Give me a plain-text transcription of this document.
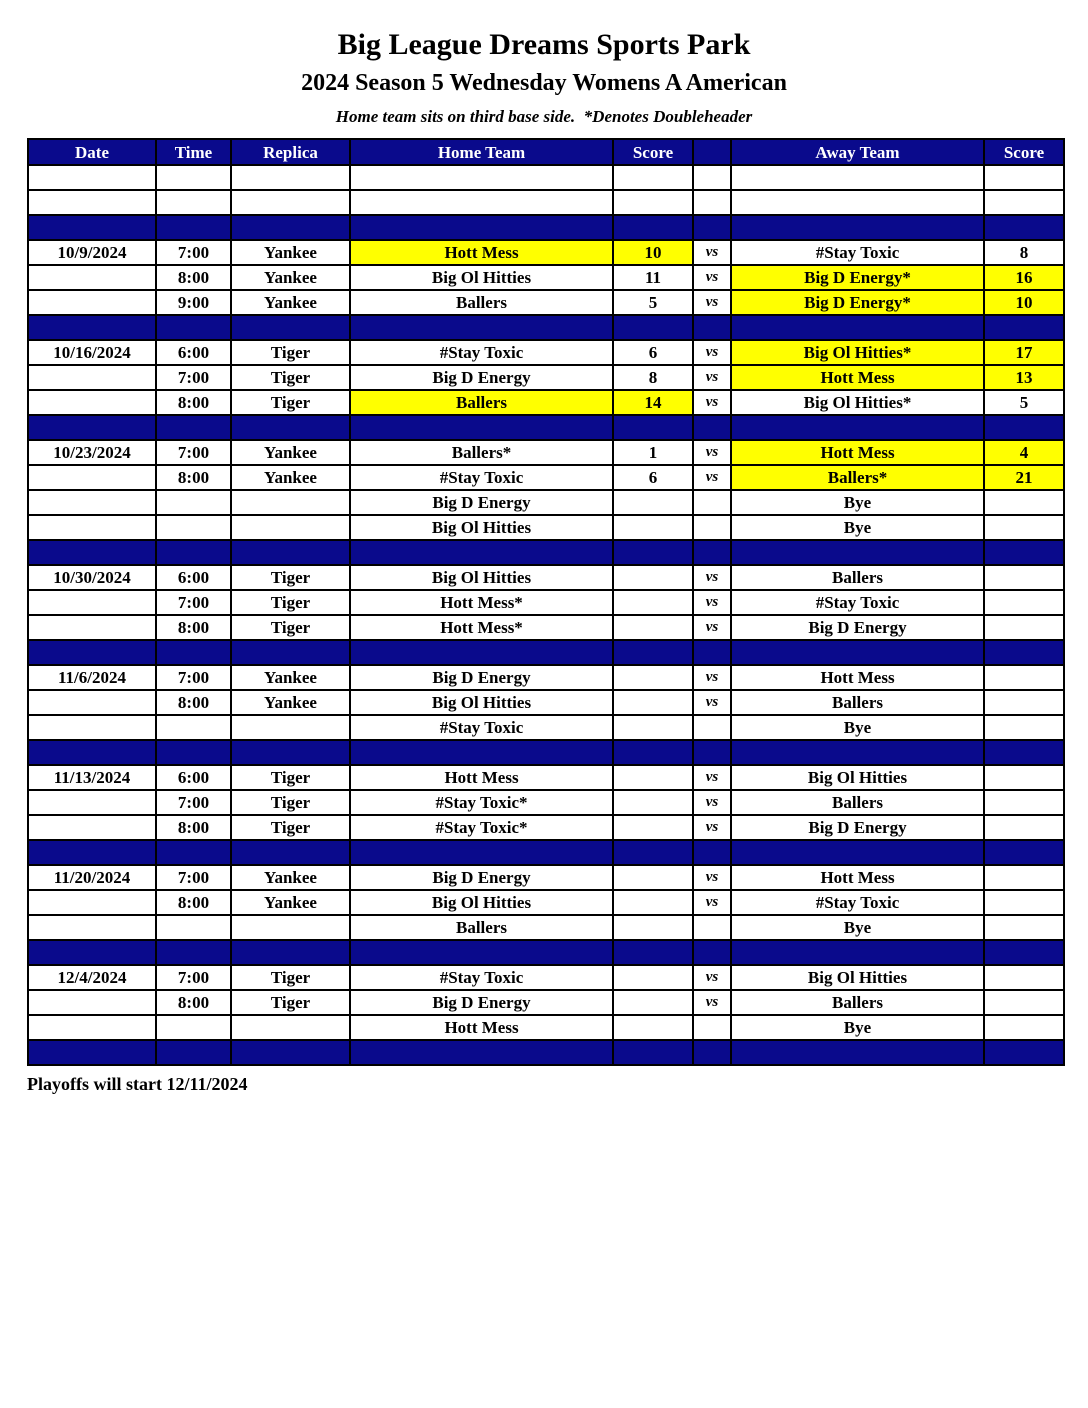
Big League Dreams Sports Park
2024 Season 5 Wednesday Womens A American

Home team sits on third base side.  *Denotes Doubleheader

Date	Time	Replica	Home Team	Score		Away Team	Score

10/9/2024	7:00	Yankee	Hott Mess	10	vs	#Stay Toxic	8
	8:00	Yankee	Big Ol Hitties	11	vs	Big D Energy*	16
	9:00	Yankee	Ballers	5	vs	Big D Energy*	10

10/16/2024	6:00	Tiger	#Stay Toxic	6	vs	Big Ol Hitties*	17
	7:00	Tiger	Big D Energy	8	vs	Hott Mess	13
	8:00	Tiger	Ballers	14	vs	Big Ol Hitties*	5

10/23/2024	7:00	Yankee	Ballers*	1	vs	Hott Mess	4
	8:00	Yankee	#Stay Toxic	6	vs	Ballers*	21
			Big D Energy			Bye	
			Big Ol Hitties			Bye	

10/30/2024	6:00	Tiger	Big Ol Hitties		vs	Ballers	
	7:00	Tiger	Hott Mess*		vs	#Stay Toxic	
	8:00	Tiger	Hott Mess*		vs	Big D Energy	

11/6/2024	7:00	Yankee	Big D Energy		vs	Hott Mess	
	8:00	Yankee	Big Ol Hitties		vs	Ballers	
			#Stay Toxic			Bye	

11/13/2024	6:00	Tiger	Hott Mess		vs	Big Ol Hitties	
	7:00	Tiger	#Stay Toxic*		vs	Ballers	
	8:00	Tiger	#Stay Toxic*		vs	Big D Energy	

11/20/2024	7:00	Yankee	Big D Energy		vs	Hott Mess	
	8:00	Yankee	Big Ol Hitties		vs	#Stay Toxic	
			Ballers			Bye	

12/4/2024	7:00	Tiger	#Stay Toxic		vs	Big Ol Hitties	
	8:00	Tiger	Big D Energy		vs	Ballers	
			Hott Mess			Bye	

Playoffs will start 12/11/2024
